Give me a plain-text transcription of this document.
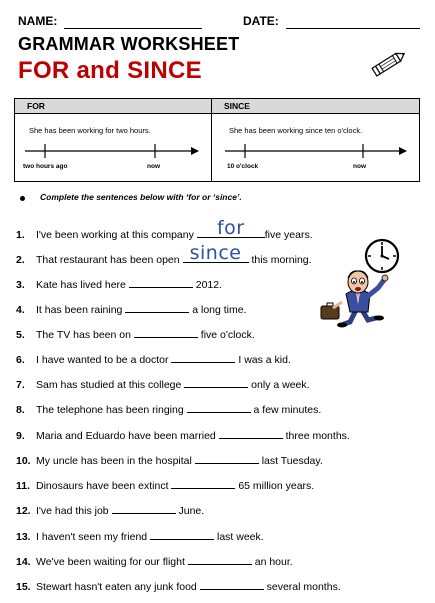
NAME:	DATE:
GRAMMAR WORKSHEET
FOR and SINCE
FOR	SINCE
She has been working for two hours.
two hours ago	now
She has been working since ten o'clock.
10 o'clock	now
Complete the sentences below with ‘for or ‘since’.
1. I've been working at this company for five years.
2. That restaurant has been open since this morning.
3. Kate has lived here	2012.
4. It has been raining	a long time.
5. The TV has been on	five o'clock.
6. I have wanted to be a doctor	I was a kid.
7. Sam has studied at this college	only a week.
8. The telephone has been ringing	a few minutes.
9. Maria and Eduardo have been married	three months.
10. My uncle has been in the hospital	last Tuesday.
11. Dinosaurs have been extinct	65 million years.
12. I've had this job	June.
13. I haven't seen my friend	last week.
14. We've been waiting for our flight	an hour.
15. Stewart hasn't eaten any junk food	several months.
